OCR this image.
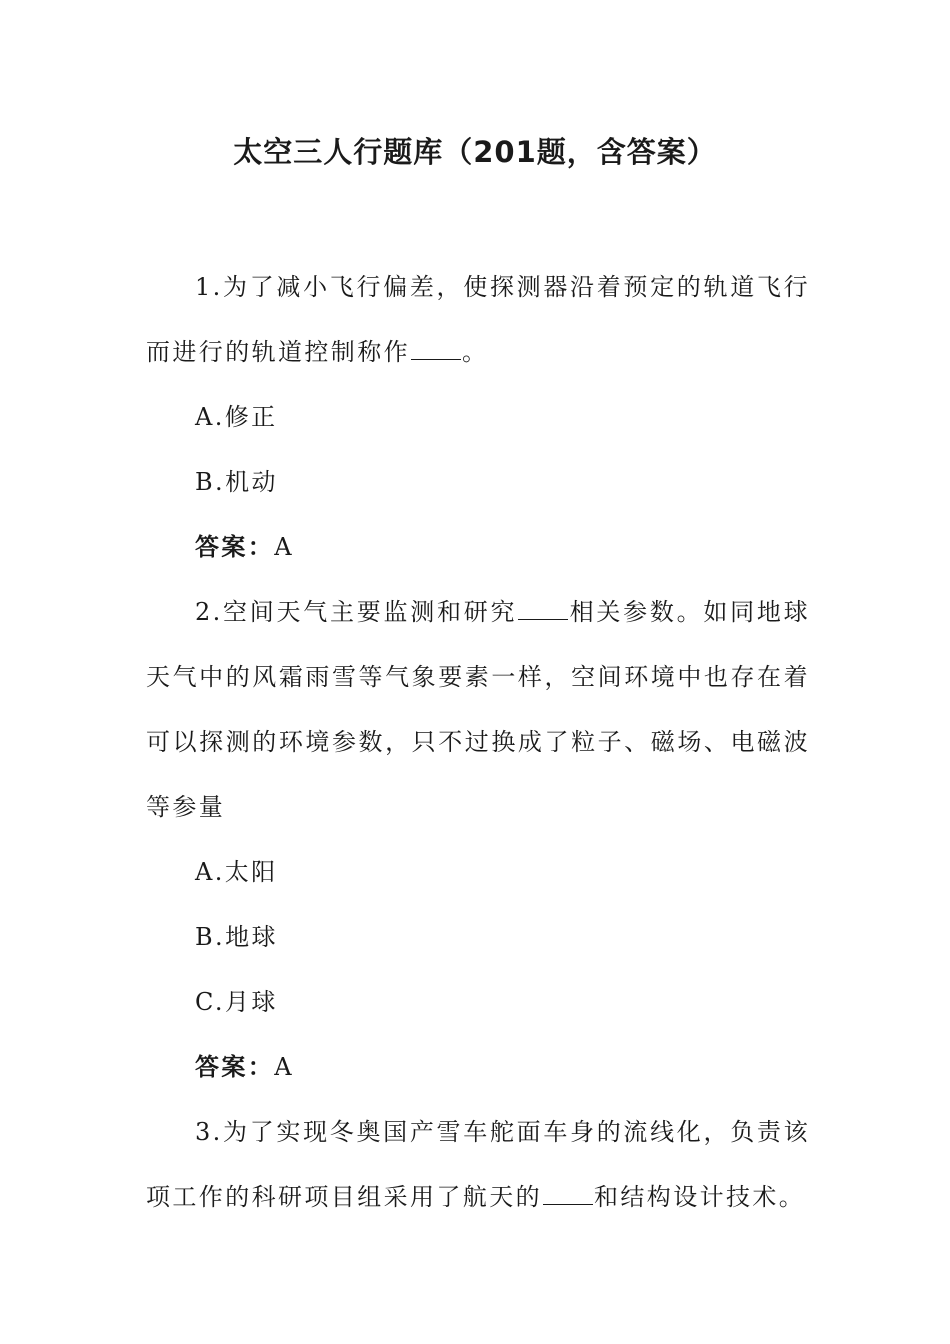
太空三人行题库（201题，含答案）

1.为了减小飞行偏差，使探测器沿着预定的轨道飞行而进行的轨道控制称作 。

A.修正

B.机动

答案：A

2.空间天气主要监测和研究 相关参数。如同地球天气中的风霜雨雪等气象要素一样，空间环境中也存在着可以探测的环境参数，只不过换成了粒子、磁场、电磁波等参量

A.太阳

B.地球

C.月球

答案：A

3.为了实现冬奥国产雪车舵面车身的流线化，负责该项工作的科研项目组采用了航天的 和结构设计技术。
